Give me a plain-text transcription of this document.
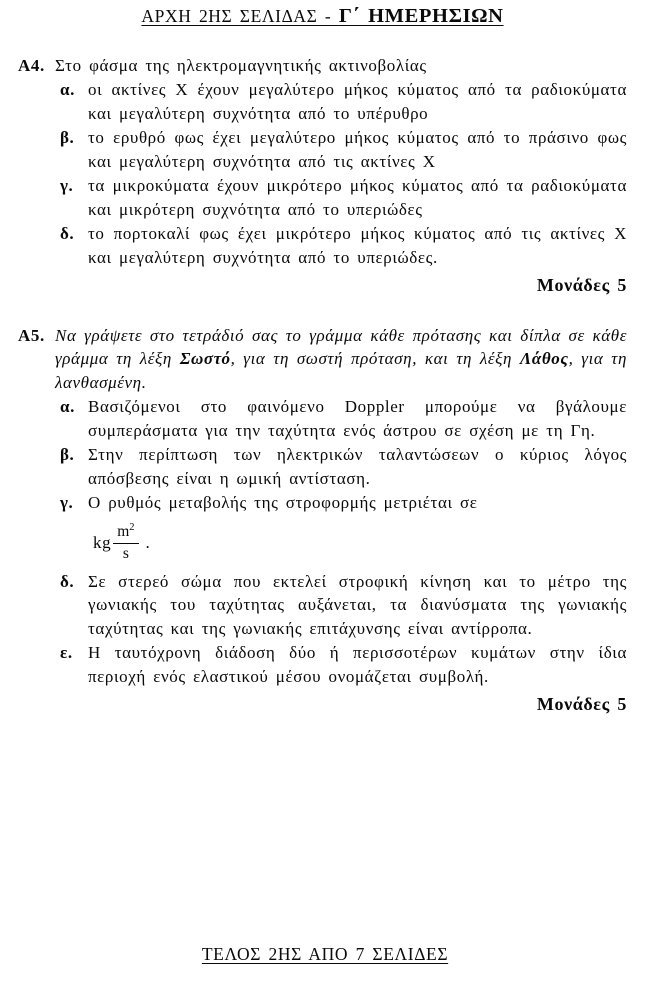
ΑΡΧΗ 2ΗΣ ΣΕΛΙΔΑΣ - Γ΄ ΗΜΕΡΗΣΙΩΝ
Α4. Στο φάσμα της ηλεκτρομαγνητικής ακτινοβολίας
α. οι ακτίνες Χ έχουν μεγαλύτερο μήκος κύματος από τα ραδιοκύματα και μεγαλύτερη συχνότητα από το υπέρυθρο
β. το ερυθρό φως έχει μεγαλύτερο μήκος κύματος από το πράσινο φως και μεγαλύτερη συχνότητα από τις ακτίνες Χ
γ. τα μικροκύματα έχουν μικρότερο μήκος κύματος από τα ραδιοκύματα και μικρότερη συχνότητα από το υπεριώδες
δ. το πορτοκαλί φως έχει μικρότερο μήκος κύματος από τις ακτίνες Χ και μεγαλύτερη συχνότητα από το υπεριώδες.
Μονάδες 5
Α5. Να γράψετε στο τετράδιό σας το γράμμα κάθε πρότασης και δίπλα σε κάθε γράμμα τη λέξη Σωστό, για τη σωστή πρόταση, και τη λέξη Λάθος, για τη λανθασμένη.

α. Βασιζόμενοι στο φαινόμενο Doppler μπορούμε να βγάλουμε συμπεράσματα για την ταχύτητα ενός άστρου σε σχέση με τη Γη.
β. Στην περίπτωση των ηλεκτρικών ταλαντώσεων ο κύριος λόγος απόσβεσης είναι η ωμική αντίσταση.
γ. Ο ρυθμός μεταβολής της στροφορμής μετριέται σε
kg $\frac{m^2}{s}$ .
δ. Σε στερεό σώμα που εκτελεί στροφική κίνηση και το μέτρο της γωνιακής του ταχύτητας αυξάνεται, τα διανύσματα της γωνιακής ταχύτητας και της γωνιακής επιτάχυνσης είναι αντίρροπα.
ε. Η ταυτόχρονη διάδοση δύο ή περισσοτέρων κυμάτων στην ίδια περιοχή ενός ελαστικού μέσου ονομάζεται συμβολή.
Μονάδες 5
ΤΕΛΟΣ 2ΗΣ ΑΠΟ 7 ΣΕΛΙΔΕΣ
